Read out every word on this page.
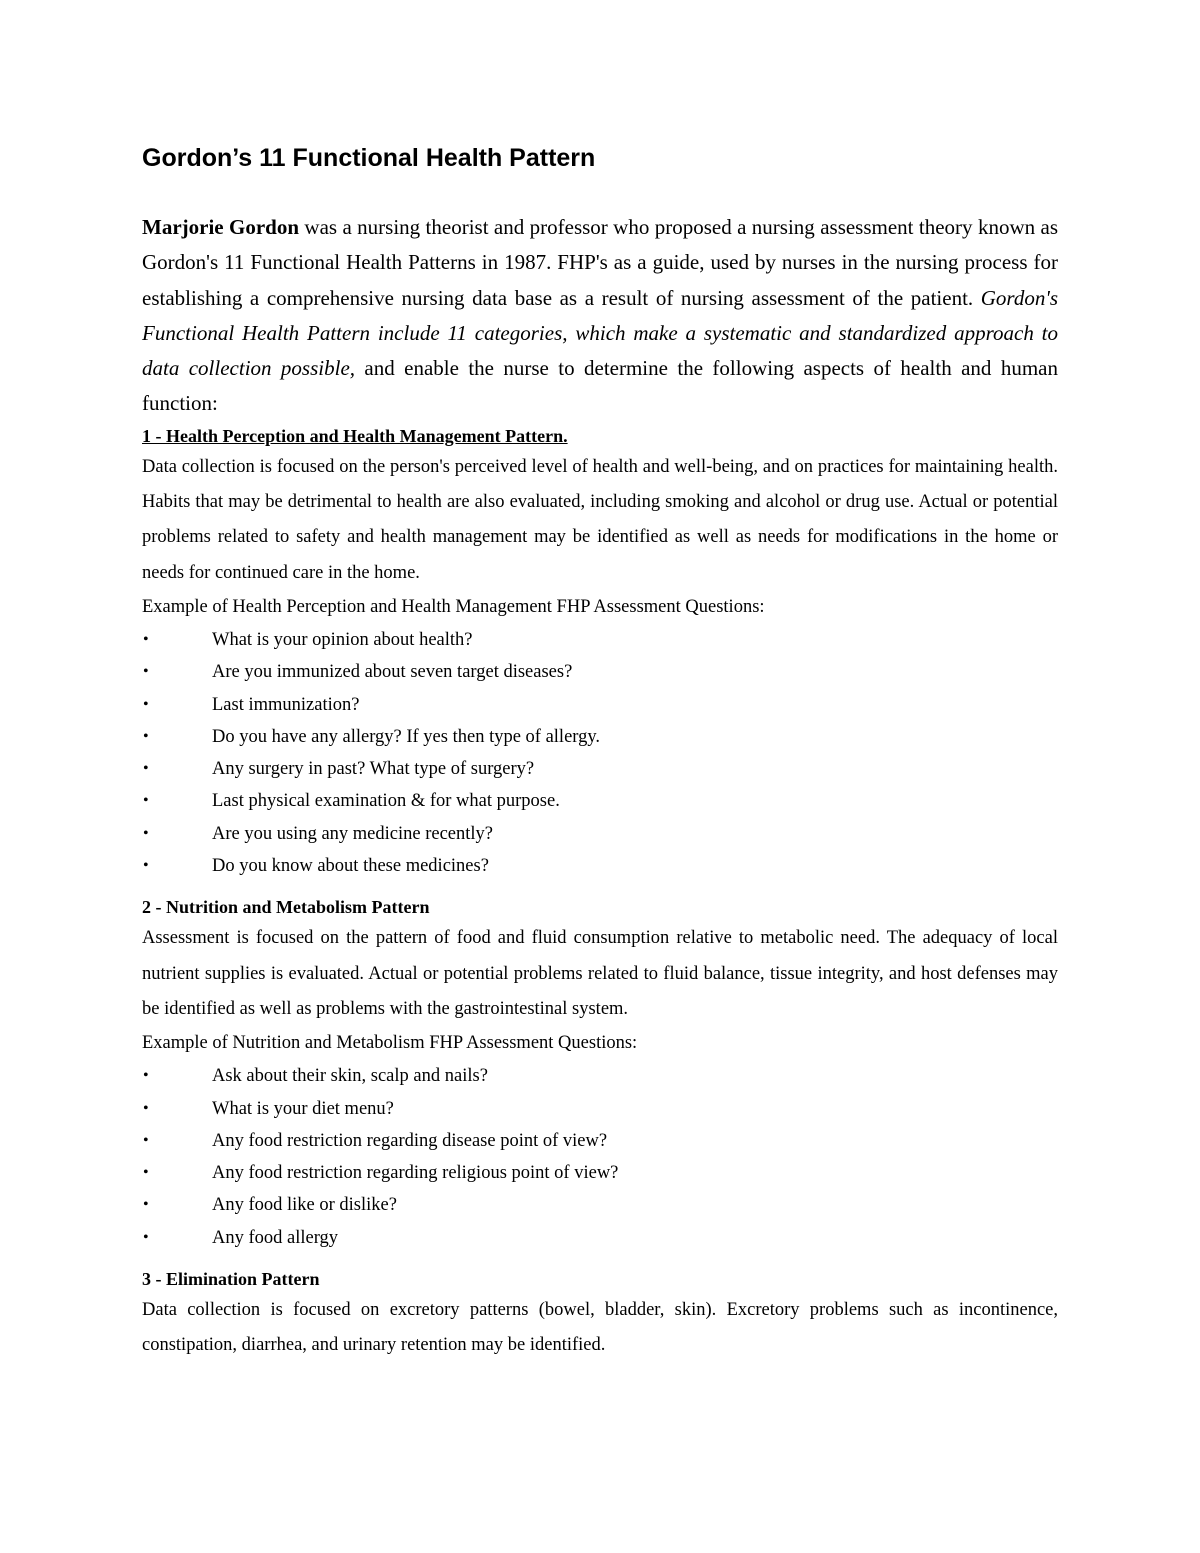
Gordon’s 11 Functional Health Pattern

Marjorie Gordon was a nursing theorist and professor who proposed a nursing assessment theory known as Gordon's 11 Functional Health Patterns in 1987. FHP's as a guide, used by nurses in the nursing process for establishing a comprehensive nursing data base as a result of nursing assessment of the patient. Gordon's Functional Health Pattern include 11 categories, which make a systematic and standardized approach to data collection possible, and enable the nurse to determine the following aspects of health and human function:

1 - Health Perception and Health Management Pattern.

Data collection is focused on the person's perceived level of health and well-being, and on practices for maintaining health. Habits that may be detrimental to health are also evaluated, including smoking and alcohol or drug use. Actual or potential problems related to safety and health management may be identified as well as needs for modifications in the home or needs for continued care in the home.

Example of Health Perception and Health Management FHP Assessment Questions:

•	What is your opinion about health?
•	Are you immunized about seven target diseases?
•	Last immunization?
•	Do you have any allergy? If yes then type of allergy.
•	Any surgery in past? What type of surgery?
•	Last physical examination & for what purpose.
•	Are you using any medicine recently?
•	Do you know about these medicines?
2 - Nutrition and Metabolism Pattern

Assessment is focused on the pattern of food and fluid consumption relative to metabolic need. The adequacy of local nutrient supplies is evaluated. Actual or potential problems related to fluid balance, tissue integrity, and host defenses may be identified as well as problems with the gastrointestinal system.

Example of Nutrition and Metabolism FHP Assessment Questions:

•	Ask about their skin, scalp and nails?
•	What is your diet menu?
•	Any food restriction regarding disease point of view?
•	Any food restriction regarding religious point of view?
•	Any food like or dislike?
•	Any food allergy
3 - Elimination Pattern

Data collection is focused on excretory patterns (bowel, bladder, skin). Excretory problems such as incontinence, constipation, diarrhea, and urinary retention may be identified.
